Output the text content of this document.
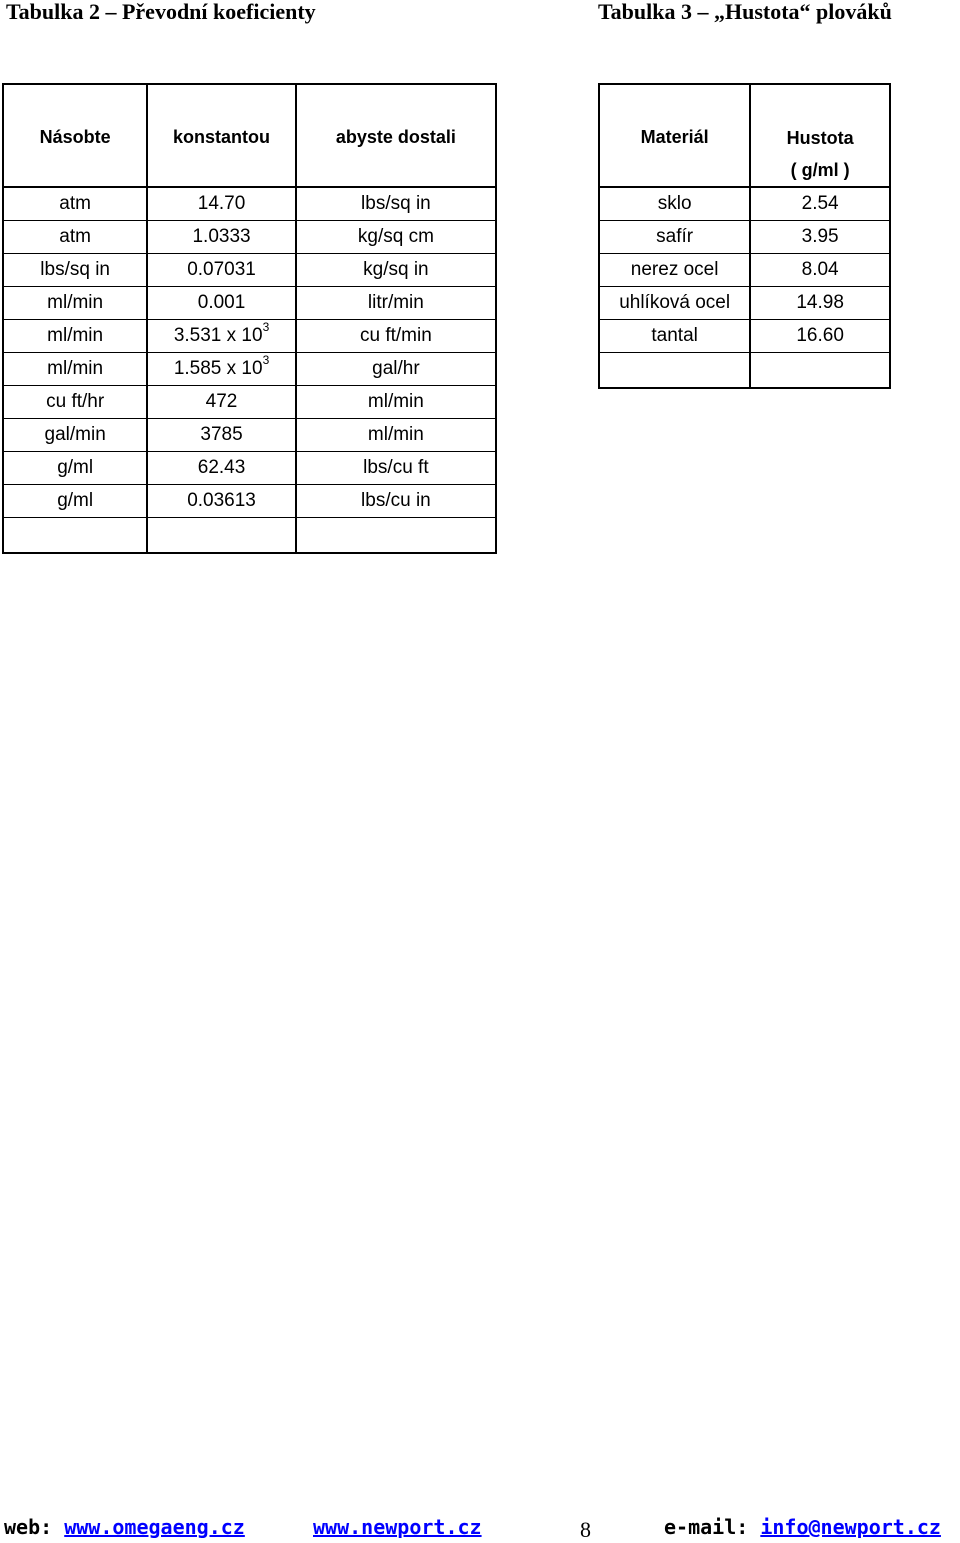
Tabulka 2 – Převodní koeficienty	Tabulka 3 – „Hustota“ plováků
Násobte	konstantou	abyste dostali
atm	14.70	lbs/sq in
atm	1.0333	kg/sq cm
lbs/sq in	0.07031	kg/sq in
ml/min	0.001	litr/min
ml/min	3.531 x $10^3$	cu ft/min
ml/min	1.585 x $10^3$	gal/hr
cu ft/hr	472	ml/min
gal/min	3785	ml/min
g/ml	62.43	lbs/cu ft
g/ml	0.03613	lbs/cu in

Materiál	Hustota
( g/ml )

sklo	2.54
safír	3.95
nerez ocel	8.04
uhlíková ocel	14.98
tantal	16.60

web: www.omegaeng.cz	www.newport.cz	8	e-mail: info@newport.cz
